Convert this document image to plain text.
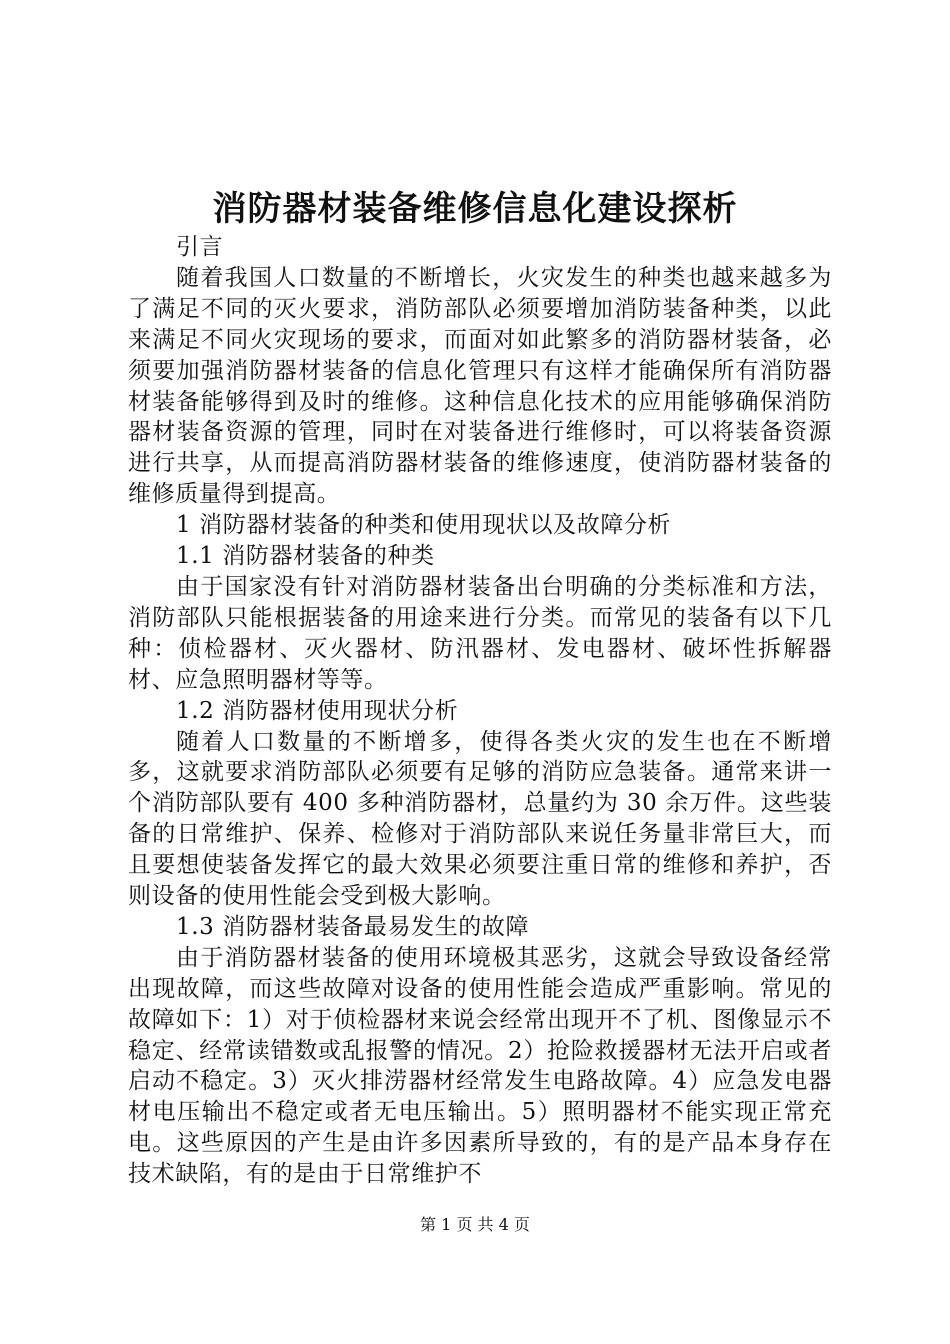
消防器材装备维修信息化建设探析

引言

随着我国人口数量的不断增长，火灾发生的种类也越来越多为了满足不同的灭火要求，消防部队必须要增加消防装备种类，以此来满足不同火灾现场的要求，而面对如此繁多的消防器材装备，必须要加强消防器材装备的信息化管理只有这样才能确保所有消防器材装备能够得到及时的维修。这种信息化技术的应用能够确保消防器材装备资源的管理，同时在对装备进行维修时，可以将装备资源进行共享，从而提高消防器材装备的维修速度，使消防器材装备的维修质量得到提高。

1 消防器材装备的种类和使用现状以及故障分析

1.1 消防器材装备的种类

由于国家没有针对消防器材装备出台明确的分类标准和方法，消防部队只能根据装备的用途来进行分类。而常见的装备有以下几种：侦检器材、灭火器材、防汛器材、发电器材、破坏性拆解器材、应急照明器材等等。

1.2 消防器材使用现状分析

随着人口数量的不断增多，使得各类火灾的发生也在不断增多，这就要求消防部队必须要有足够的消防应急装备。通常来讲一个消防部队要有 400 多种消防器材，总量约为 30 余万件。这些装备的日常维护、保养、检修对于消防部队来说任务量非常巨大，而且要想使装备发挥它的最大效果必须要注重日常的维修和养护，否则设备的使用性能会受到极大影响。

1.3 消防器材装备最易发生的故障

由于消防器材装备的使用环境极其恶劣，这就会导致设备经常出现故障，而这些故障对设备的使用性能会造成严重影响。常见的故障如下：1）对于侦检器材来说会经常出现开不了机、图像显示不稳定、经常读错数或乱报警的情况。2）抢险救援器材无法开启或者启动不稳定。3）灭火排涝器材经常发生电路故障。4）应急发电器材电压输出不稳定或者无电压输出。5）照明器材不能实现正常充电。这些原因的产生是由许多因素所导致的，有的是产品本身存在技术缺陷，有的是由于日常维护不

第 1 页 共 4 页
